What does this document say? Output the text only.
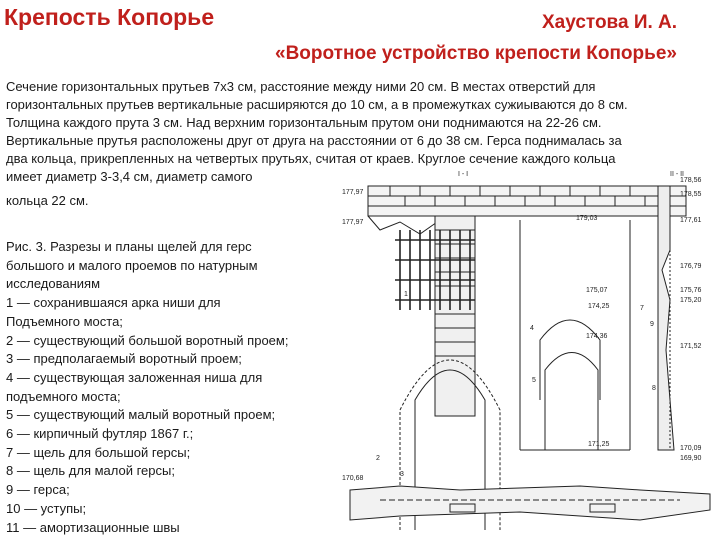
Крепость Копорье	Хаустова И. А.
«Воротное устройство крепости Копорье»

Сечение горизонтальных прутьев 7х3 см, расстояние между ними 20 см. В местах отверстий для
горизонтальных прутьев вертикальные расширяются до 10 см, а в промежутках сужиываются до 8 см.
Толщина каждого прута 3 см. Над верхним горизонтальным прутом они поднимаются на 22-26 см.
Вертикальные прутья расположены друг от друга на расстоянии от 6 до 38 см. Герса поднималась за
два кольца, прикрепленных на четвертых прутьях, считая от краев. Круглое сечение каждого кольца
имеет диаметр 3-3,4 см, диаметр самого
кольца 22 см.

Рис. 3. Разрезы и планы щелей для герс
большого и малого проемов по натурным
исследованиям
1 — сохранившаяся арка ниши для
Подъемного моста;
2 — существующий большой воротный проем;
3 — предполагаемый воротный проем;
4 — существующая заложенная ниша для
подъемного моста;
5 — существующий малый воротный проем;
6 — кирпичный футляр 1867 г.;
7 — щель для большой герсы;
8 — щель для малой герсы;
9 — герса;
10 — уступы;
11 — амортизационные швы

I - I	II - II
177,97
177,97
170,68
179,03
175,07
174,25
174,36
171,25
178,56
178,55
177,61
176,79
175,76
175,20
171,52
170,09
169,90
1
4
5
2
3
7
9
8
